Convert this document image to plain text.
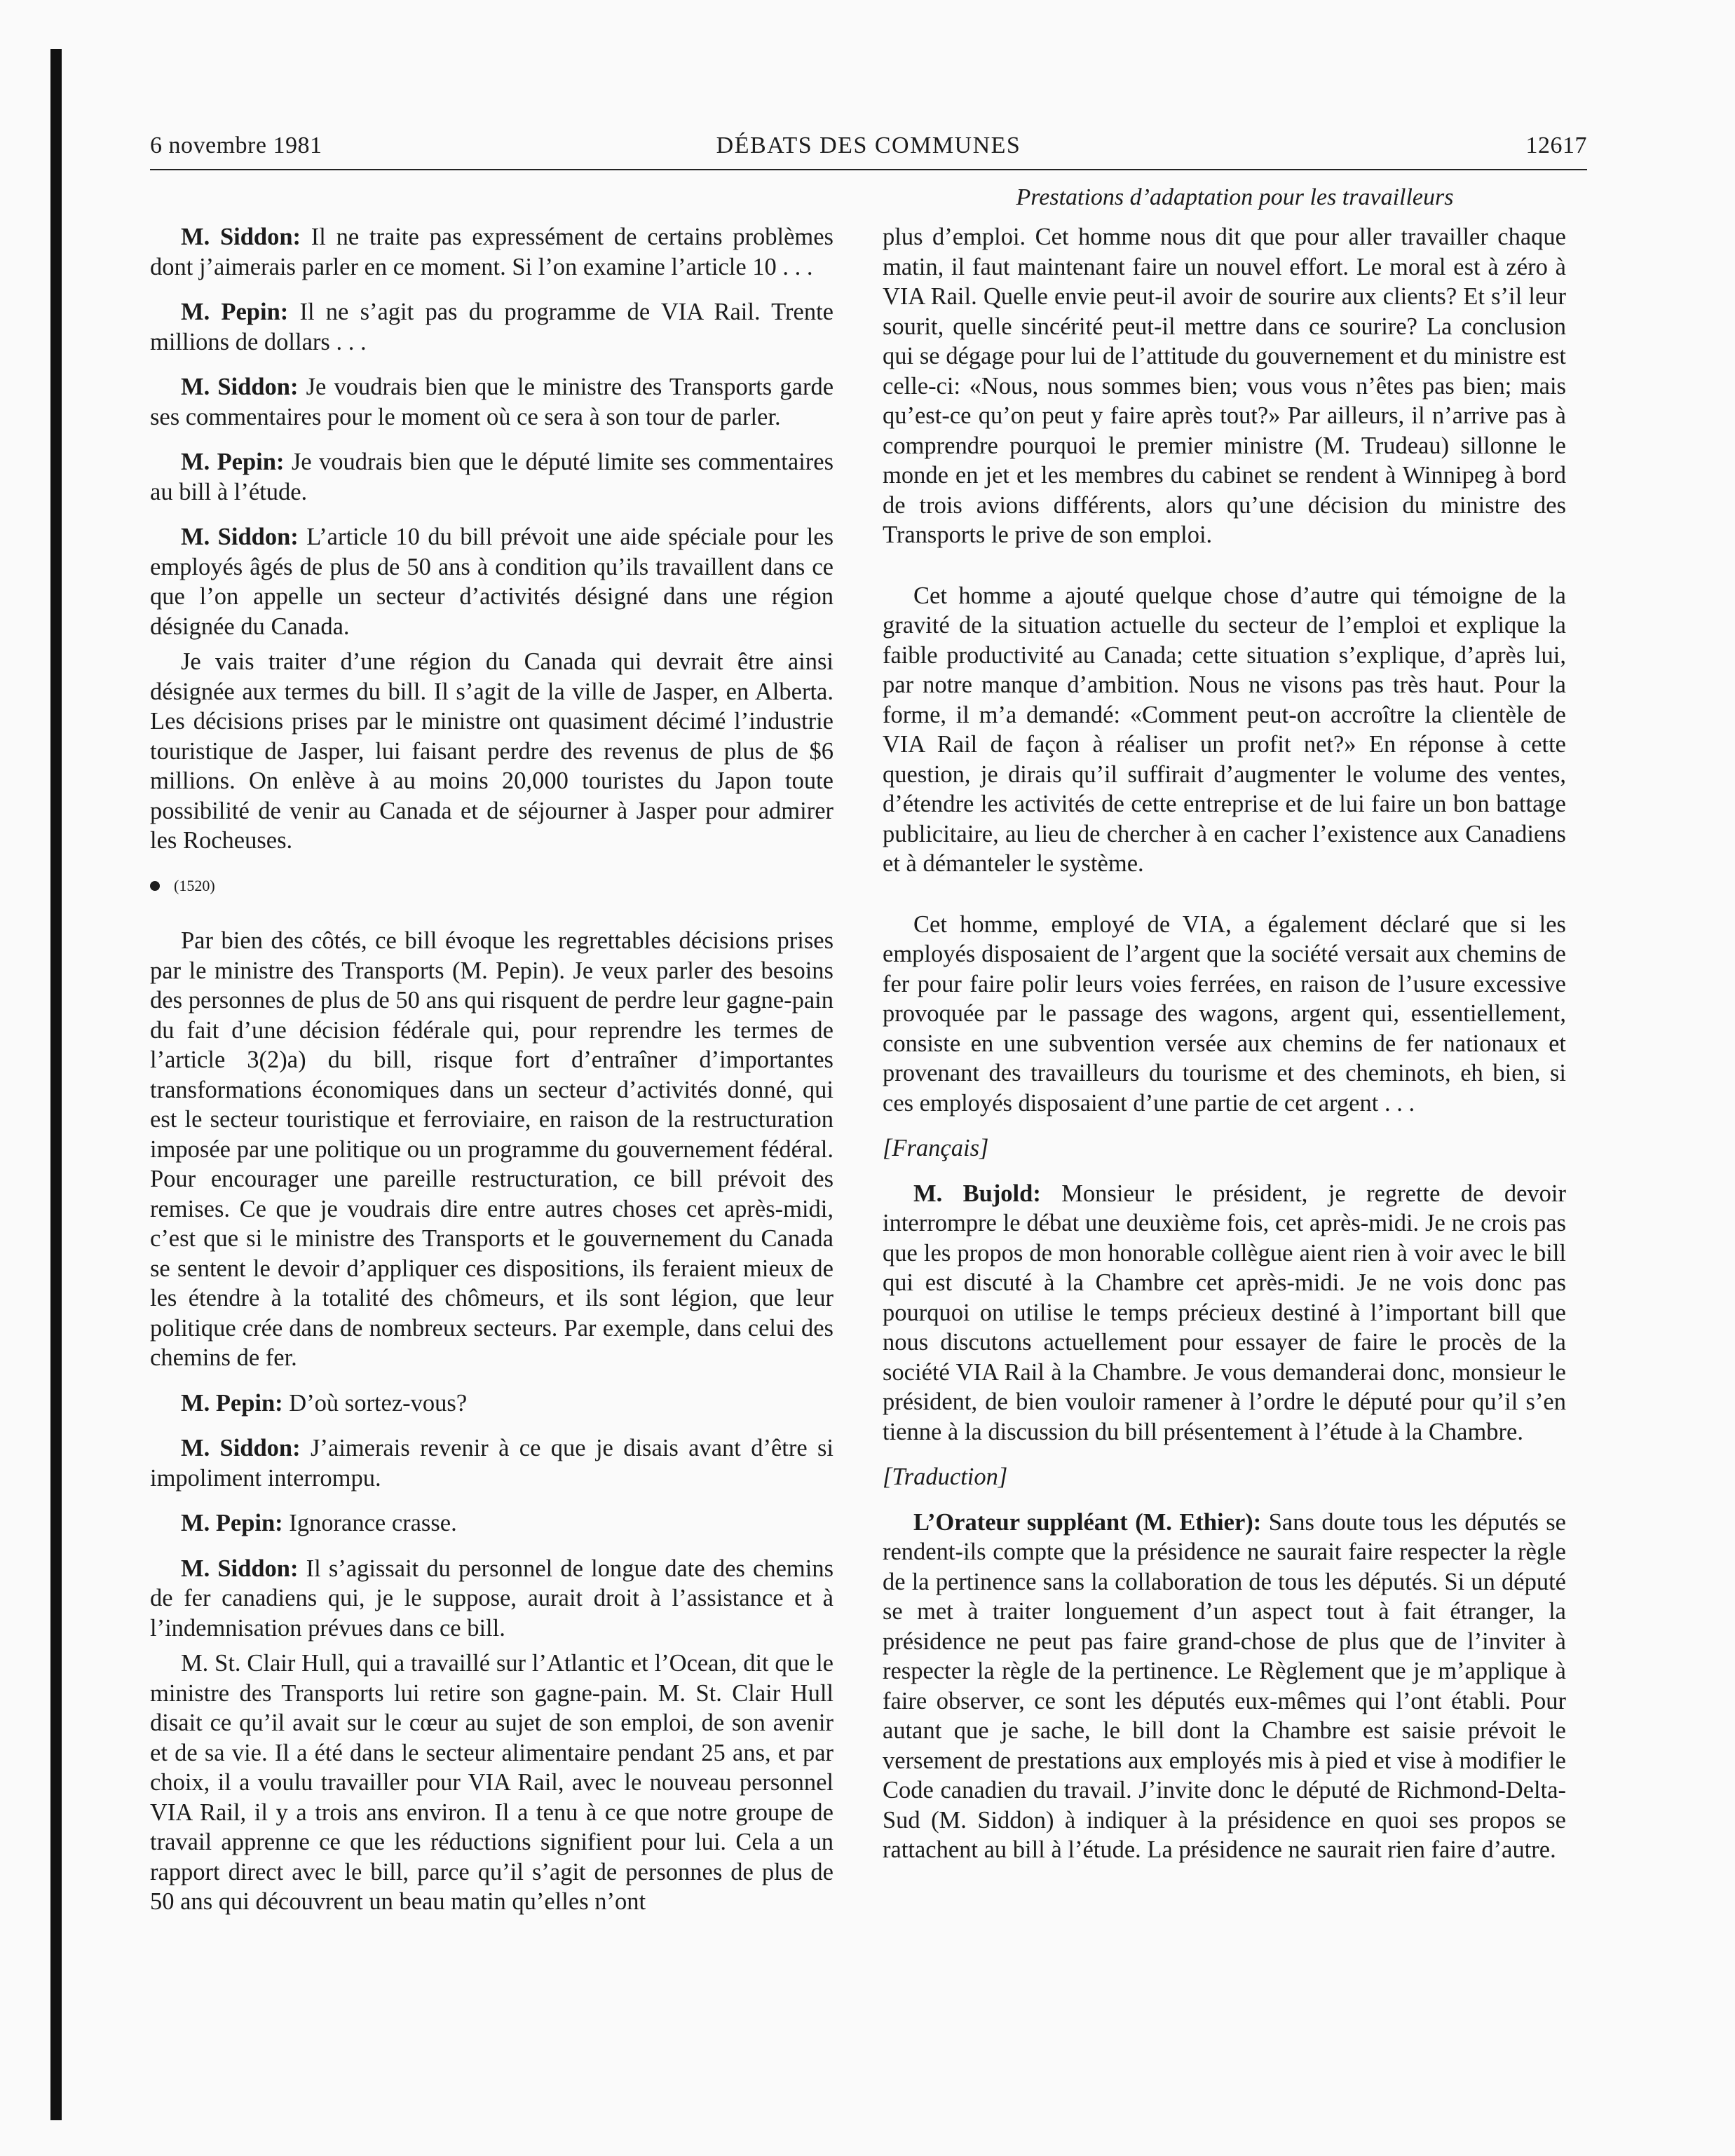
6 novembre 1981	DÉBATS DES COMMUNES	12617
Prestations d’adaptation pour les travailleurs

M. Siddon: Il ne traite pas expressément de certains problèmes dont j’aimerais parler en ce moment. Si l’on examine l’article 10 . . .

M. Pepin: Il ne s’agit pas du programme de VIA Rail. Trente millions de dollars . . .

M. Siddon: Je voudrais bien que le ministre des Transports garde ses commentaires pour le moment où ce sera à son tour de parler.

M. Pepin: Je voudrais bien que le député limite ses commentaires au bill à l’étude.

M. Siddon: L’article 10 du bill prévoit une aide spéciale pour les employés âgés de plus de 50 ans à condition qu’ils travaillent dans ce que l’on appelle un secteur d’activités désigné dans une région désignée du Canada.

Je vais traiter d’une région du Canada qui devrait être ainsi désignée aux termes du bill. Il s’agit de la ville de Jasper, en Alberta. Les décisions prises par le ministre ont quasiment décimé l’industrie touristique de Jasper, lui faisant perdre des revenus de plus de $6 millions. On enlève à au moins 20,000 touristes du Japon toute possibilité de venir au Canada et de séjourner à Jasper pour admirer les Rocheuses.

(1520)

Par bien des côtés, ce bill évoque les regrettables décisions prises par le ministre des Transports (M. Pepin). Je veux parler des besoins des personnes de plus de 50 ans qui risquent de perdre leur gagne-pain du fait d’une décision fédérale qui, pour reprendre les termes de l’article 3(2)a) du bill, risque fort d’entraîner d’importantes transformations économiques dans un secteur d’activités donné, qui est le secteur touristique et ferroviaire, en raison de la restructuration imposée par une politique ou un programme du gouvernement fédéral. Pour encourager une pareille restructuration, ce bill prévoit des remises. Ce que je voudrais dire entre autres choses cet après-midi, c’est que si le ministre des Transports et le gouvernement du Canada se sentent le devoir d’appliquer ces dispositions, ils feraient mieux de les étendre à la totalité des chômeurs, et ils sont légion, que leur politique crée dans de nombreux secteurs. Par exemple, dans celui des chemins de fer.

M. Pepin: D’où sortez-vous?

M. Siddon: J’aimerais revenir à ce que je disais avant d’être si impoliment interrompu.

M. Pepin: Ignorance crasse.

M. Siddon: Il s’agissait du personnel de longue date des chemins de fer canadiens qui, je le suppose, aurait droit à l’assistance et à l’indemnisation prévues dans ce bill.

M. St. Clair Hull, qui a travaillé sur l’Atlantic et l’Ocean, dit que le ministre des Transports lui retire son gagne-pain. M. St. Clair Hull disait ce qu’il avait sur le cœur au sujet de son emploi, de son avenir et de sa vie. Il a été dans le secteur alimentaire pendant 25 ans, et par choix, il a voulu travailler pour VIA Rail, avec le nouveau personnel VIA Rail, il y a trois ans environ. Il a tenu à ce que notre groupe de travail apprenne ce que les réductions signifient pour lui. Cela a un rapport direct avec le bill, parce qu’il s’agit de personnes de plus de 50 ans qui découvrent un beau matin qu’elles n’ont

plus d’emploi. Cet homme nous dit que pour aller travailler chaque matin, il faut maintenant faire un nouvel effort. Le moral est à zéro à VIA Rail. Quelle envie peut-il avoir de sourire aux clients? Et s’il leur sourit, quelle sincérité peut-il mettre dans ce sourire? La conclusion qui se dégage pour lui de l’attitude du gouvernement et du ministre est celle-ci: «Nous, nous sommes bien; vous vous n’êtes pas bien; mais qu’est-ce qu’on peut y faire après tout?» Par ailleurs, il n’arrive pas à comprendre pourquoi le premier ministre (M. Trudeau) sillonne le monde en jet et les membres du cabinet se rendent à Winnipeg à bord de trois avions différents, alors qu’une décision du ministre des Transports le prive de son emploi.

Cet homme a ajouté quelque chose d’autre qui témoigne de la gravité de la situation actuelle du secteur de l’emploi et explique la faible productivité au Canada; cette situation s’explique, d’après lui, par notre manque d’ambition. Nous ne visons pas très haut. Pour la forme, il m’a demandé: «Comment peut-on accroître la clientèle de VIA Rail de façon à réaliser un profit net?» En réponse à cette question, je dirais qu’il suffirait d’augmenter le volume des ventes, d’étendre les activités de cette entreprise et de lui faire un bon battage publicitaire, au lieu de chercher à en cacher l’existence aux Canadiens et à démanteler le système.

Cet homme, employé de VIA, a également déclaré que si les employés disposaient de l’argent que la société versait aux chemins de fer pour faire polir leurs voies ferrées, en raison de l’usure excessive provoquée par le passage des wagons, argent qui, essentiellement, consiste en une subvention versée aux chemins de fer nationaux et provenant des travailleurs du tourisme et des cheminots, eh bien, si ces employés disposaient d’une partie de cet argent . . .

[Français]

M. Bujold: Monsieur le président, je regrette de devoir interrompre le débat une deuxième fois, cet après-midi. Je ne crois pas que les propos de mon honorable collègue aient rien à voir avec le bill qui est discuté à la Chambre cet après-midi. Je ne vois donc pas pourquoi on utilise le temps précieux destiné à l’important bill que nous discutons actuellement pour essayer de faire le procès de la société VIA Rail à la Chambre. Je vous demanderai donc, monsieur le président, de bien vouloir ramener à l’ordre le député pour qu’il s’en tienne à la discussion du bill présentement à l’étude à la Chambre.

[Traduction]

L’Orateur suppléant (M. Ethier): Sans doute tous les députés se rendent-ils compte que la présidence ne saurait faire respecter la règle de la pertinence sans la collaboration de tous les députés. Si un député se met à traiter longuement d’un aspect tout à fait étranger, la présidence ne peut pas faire grand-chose de plus que de l’inviter à respecter la règle de la pertinence. Le Règlement que je m’applique à faire observer, ce sont les députés eux-mêmes qui l’ont établi. Pour autant que je sache, le bill dont la Chambre est saisie prévoit le versement de prestations aux employés mis à pied et vise à modifier le Code canadien du travail. J’invite donc le député de Richmond-Delta-Sud (M. Siddon) à indiquer à la présidence en quoi ses propos se rattachent au bill à l’étude. La présidence ne saurait rien faire d’autre.
